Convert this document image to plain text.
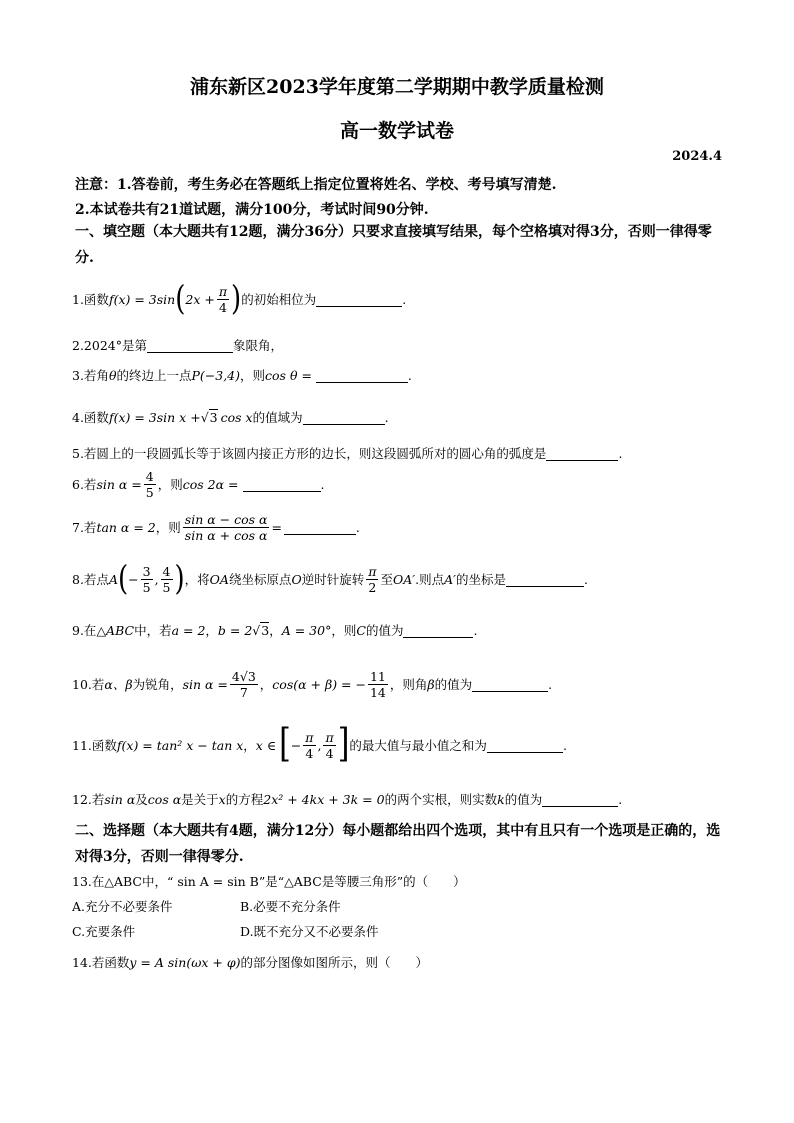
浦东新区2023学年度第二学期期中教学质量检测
高一数学试卷
2024.4
注意：1.答卷前，考生务必在答题纸上指定位置将姓名、学校、考号填写清楚.
2.本试卷共有21道试题，满分100分，考试时间90分钟.
一、填空题（本大题共有12题，满分36分）只要求直接填写结果，每个空格填对得3分，否则一律得零分.
1.函数 f(x) = 3sin ( $2x + \frac{\pi}{4}$ ) 的初始相位为	.
2.2024°是第	象限角，
3.若角 θ 的终边上一点 P(−3,4) ，则 cos θ =	.
4.函数 f(x) = 3sin x + √ 3 cos x 的值域为	.
5.若圆上的一段圆弧长等于该圆内接正方形的边长，则这段圆弧所对的圆心角的弧度是	.
6.若 $\sin \alpha = \frac{4}{5}$ ，则 cos 2α =	.
7.若 tan α = 2 ，则 $\frac{\text{sin α − cos α}}{\text{sin α + cos α}}$ =	.
8.若点 A ( − $\frac{3}{5}$ ,
4
5 ) ，将 OA 绕坐标原点 O 逆时针旋转 $\frac{\pi}{2}$ 至 OA′ .则点 A′ 的坐标是	.
9.在 △ABC 中，若 a = 2 ， b = 2 √ 3 ， A = 30° ，则 C 的值为	.
10.若 α、β 为锐角， $\sin \alpha = \frac{4√3}{7}$ ， cos(α + β) = − $\frac{11}{14}$ ，则角 β 的值为	.
11.函数 f(x) = tan² x − tan x ， x ∈ [ − $\frac{\pi}{4}$ ,
π
4 ] 的最大值与最小值之和为	.
12.若 sin α 及 cos α 是关于 x 的方程 2x² + 4kx + 3k = 0 的两个实根，则实数 k 的值为	.
二、选择题（本大题共有4题，满分12分）每小题都给出四个选项，其中有且只有一个选项是正确的，选对得3分，否则一律得零分.
13.在△ABC中，“ sin A = sin B”是“△ABC是等腰三角形”的（　　）
A.充分不必要条件	B.必要不充分条件
C.充要条件	D.既不充分又不必要条件
14.若函数 y = A sin(ωx + φ) 的部分图像如图所示，则（　　）
